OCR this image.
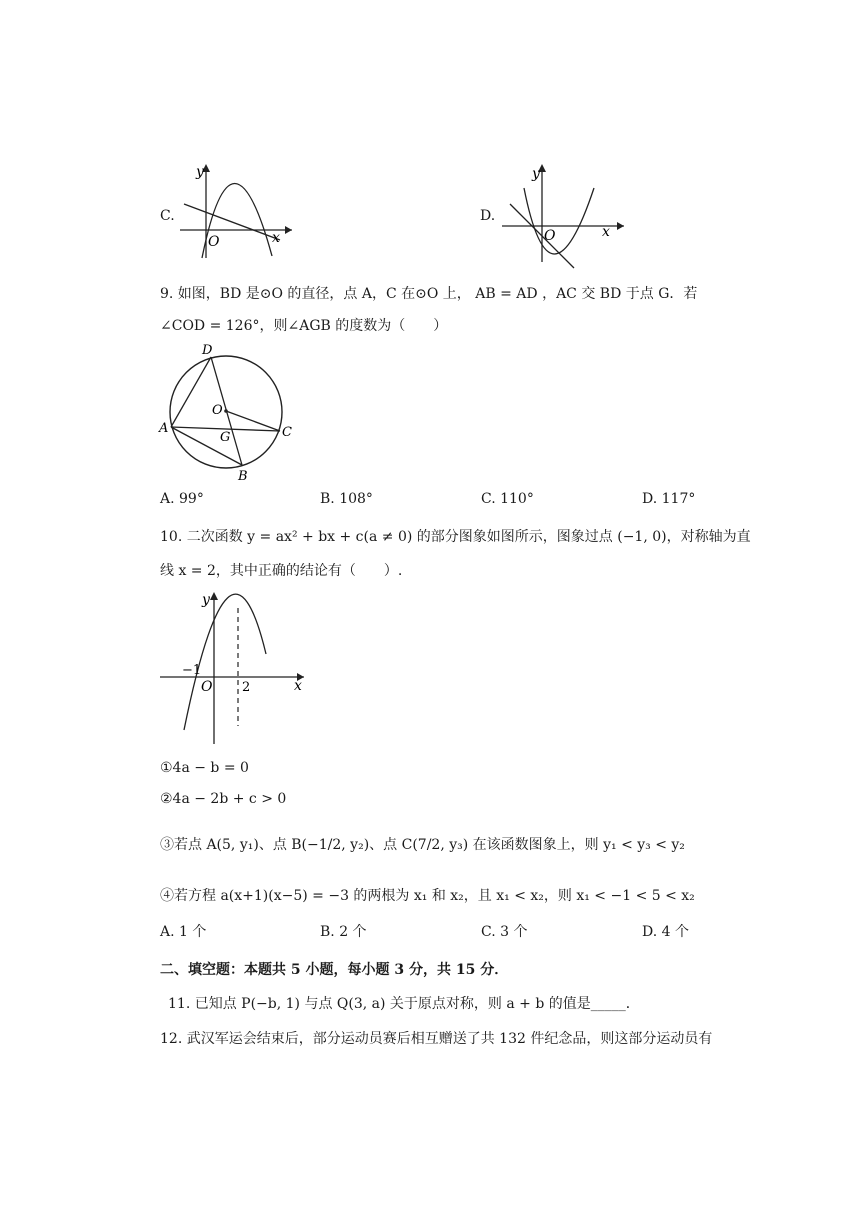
C.
y
x
O
D.
y
x
O
9. 如图，BD 是⊙O 的直径，点 A，C 在⊙O 上， AB = AD ，AC 交 BD 于点 G．若
∠COD = 126°，则∠AGB 的度数为（　　）
D
O
A
G	C
B
A. 99°	B. 108°	C. 110°	D. 117°
10. 二次函数 y = ax² + bx + c(a ≠ 0) 的部分图象如图所示，图象过点 (−1, 0)，对称轴为直
线 x = 2，其中正确的结论有（　　）.
y
x
O
−1
2
①4a − b = 0
②4a − 2b + c > 0
③若点 A(5, y₁)、点 B(−1/2, y₂)、点 C(7/2, y₃) 在该函数图象上，则 y₁ < y₃ < y₂
④若方程 a(x+1)(x−5) = −3 的两根为 x₁ 和 x₂，且 x₁ < x₂，则 x₁ < −1 < 5 < x₂
A. 1 个	B. 2 个	C. 3 个	D. 4 个
二、填空题：本题共 5 小题，每小题 3 分，共 15 分．
11. 已知点 P(−b, 1) 与点 Q(3, a) 关于原点对称，则 a + b 的值是_____．
12. 武汉军运会结束后，部分运动员赛后相互赠送了共 132 件纪念品，则这部分运动员有
